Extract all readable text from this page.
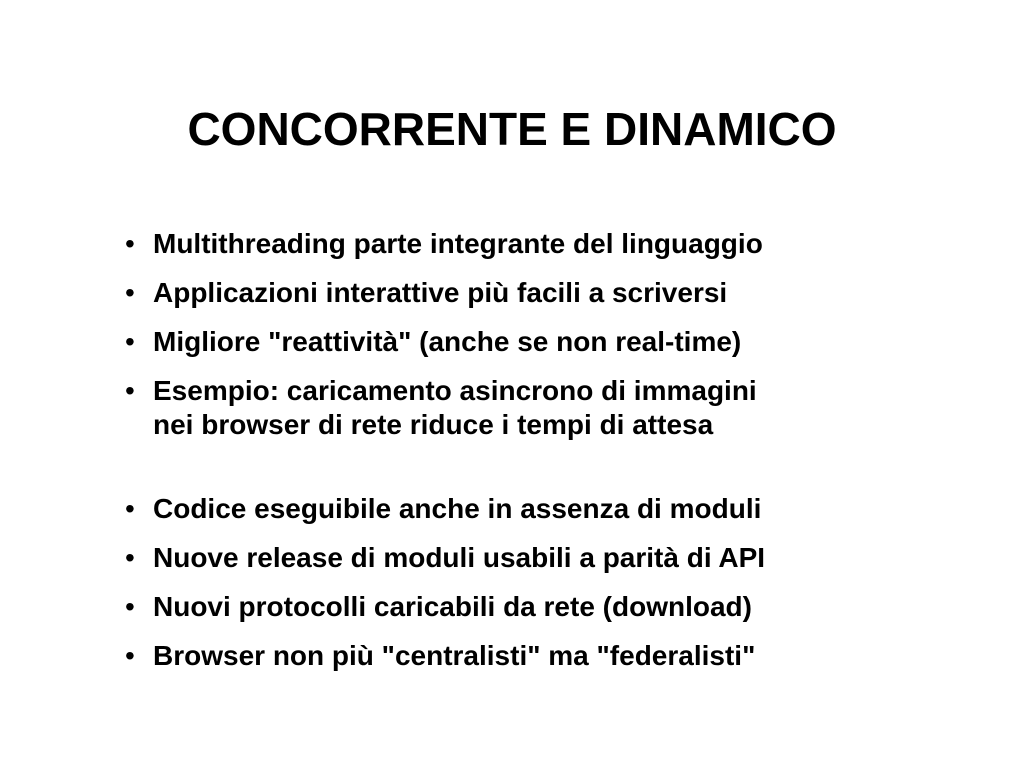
CONCORRENTE E DINAMICO
• Multithreading parte integrante del linguaggio
• Applicazioni interattive più facili a scriversi
• Migliore "reattività" (anche se non real-time)
• Esempio: caricamento asincrono di immagini
nei browser di rete riduce i tempi di attesa
• Codice eseguibile anche in assenza di moduli
• Nuove release di moduli usabili a parità di API
• Nuovi protocolli caricabili da rete (download)
• Browser non più "centralisti" ma "federalisti"
